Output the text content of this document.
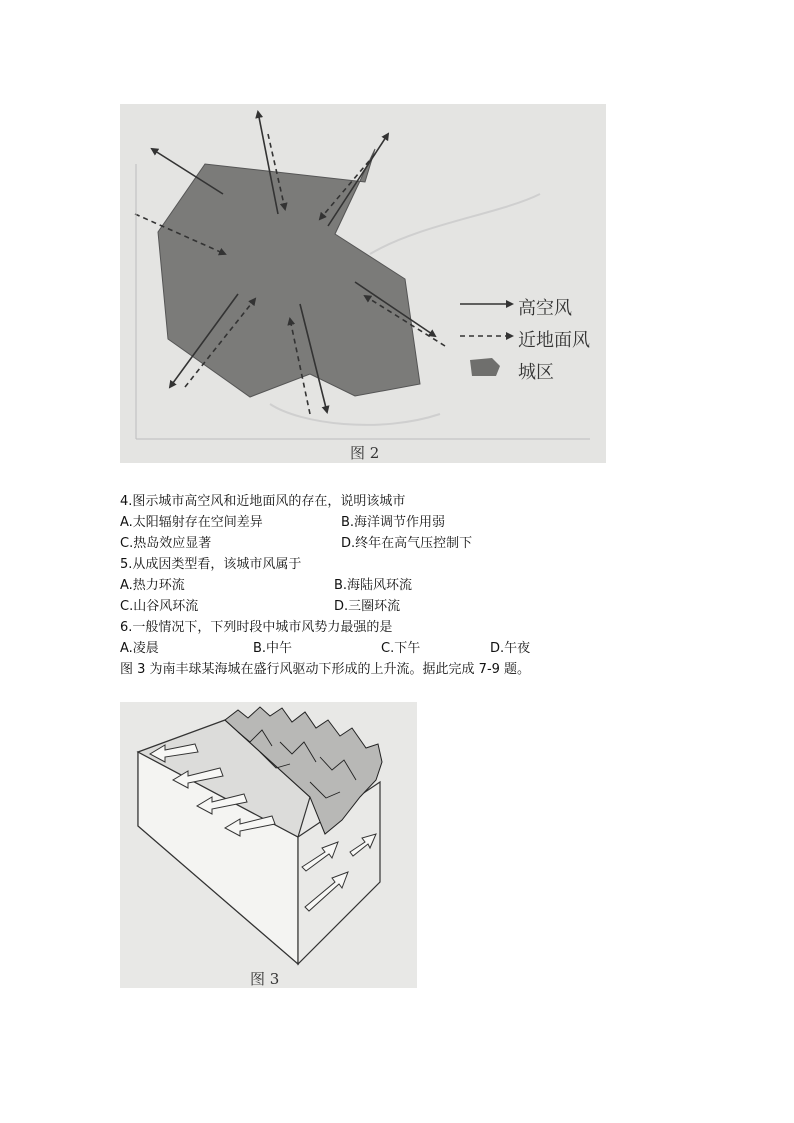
高空风
近地面风
城区
图 2
4.图示城市高空风和近地面风的存在，说明该城市
A.太阳辐射存在空间差异	B.海洋调节作用弱
C.热岛效应显著	D.终年在高气压控制下
5.从成因类型看，该城市风属于
A.热力环流	B.海陆风环流
C.山谷风环流	D.三圈环流
6.一般情况下，下列时段中城市风势力最强的是
A.凌晨	B.中午	C.下午	D.午夜
图 3 为南丰球某海城在盛行风驱动下形成的上升流。据此完成 7-9 题。
图 3
